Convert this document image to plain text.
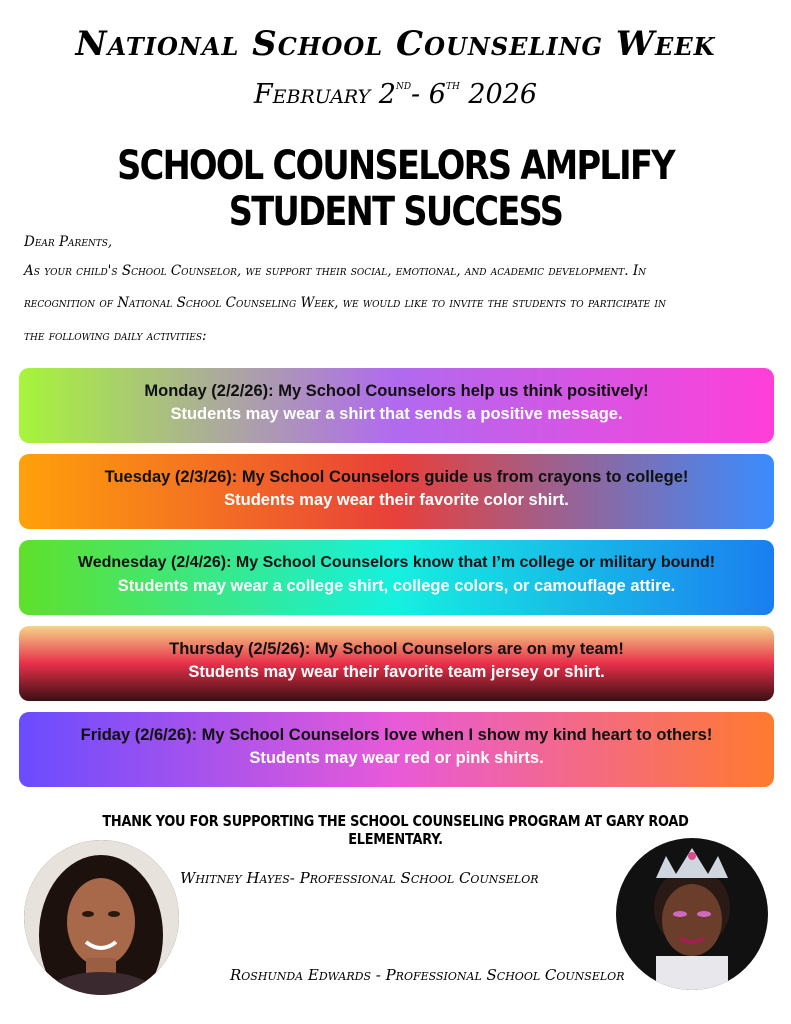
National School Counseling Week
February 2nd- 6th 2026
SCHOOL COUNSELORS AMPLIFY STUDENT SUCCESS
Dear Parents,
As your child's School Counselor, we support their social, emotional, and academic development. In
recognition of National School Counseling Week, we would like to invite the students to participate in
the following daily activities:
Monday (2/2/26): My School Counselors help us think positively!
Students may wear a shirt that sends a positive message.
Tuesday (2/3/26): My School Counselors guide us from crayons to college!
Students may wear their favorite color shirt.
Wednesday (2/4/26): My School Counselors know that I’m college or military bound!
Students may wear a college shirt, college colors, or camouflage attire.
Thursday (2/5/26): My School Counselors are on my team!
Students may wear their favorite team jersey or shirt.
Friday (2/6/26): My School Counselors love when I show my kind heart to others!
Students may wear red or pink shirts.
THANK YOU FOR SUPPORTING THE SCHOOL COUNSELING PROGRAM AT GARY ROAD ELEMENTARY.
Whitney Hayes- Professional School Counselor
Roshunda Edwards - Professional School Counselor
